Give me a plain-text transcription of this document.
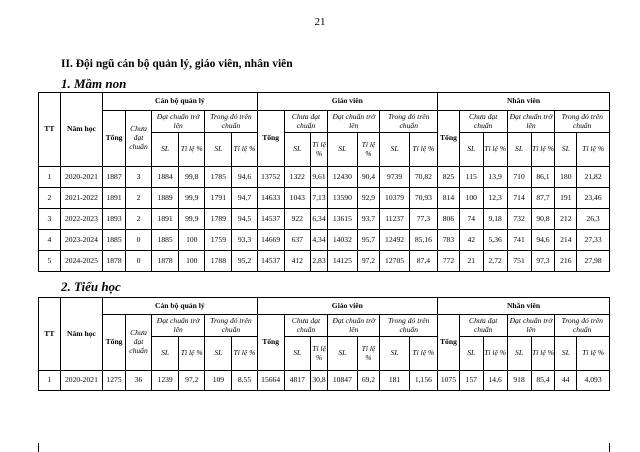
21
II. Đội ngũ cán bộ quản lý, giáo viên, nhân viên
1. Mầm non
TT	Năm học	Cán bộ quản lý						Giáo viên							Nhân viên						
		Tổng	Chưa đạt chuẩn	Đạt chuẩn trở lên		Trong đó trên chuẩn		Tổng	Chưa đạt chuẩn		Đạt chuẩn trở lên		Trong đó trên chuẩn		Tổng	Chưa đạt chuẩn		Đạt chuẩn trở lên		Trong đó trên chuẩn	
				SL	Tỉ lệ %	SL	Tỉ lệ %		SL	Tỉ lệ %	SL	Tỉ lệ %	SL	Tỉ lệ %		SL	Tỉ lệ %	SL	Tỉ lệ %	SL	Tỉ lệ %
1	2020-2021	1887	3	1884	99,8	1785	94,6	13752	1322	9,61	12430	90,4	9739	70,82	825	115	13,9	710	86,1	180	21,82
2	2021-2022	1891	2	1889	99,9	1791	94,7	14633	1043	7,13	13590	92,9	10379	70,93	814	100	12,3	714	87,7	191	23,46
3	2022-2023	1893	2	1891	99,9	1789	94,5	14537	922	6,34	13615	93,7	11237	77,3	806	74	9,18	732	90,8	212	26,3
4	2023-2024	1885	0	1885	100	1759	93,3	14669	637	4,34	14032	95,7	12492	85,16	783	42	5,36	741	94,6	214	27,33
5	2024-2025	1878	0	1878	100	1788	95,2	14537	412	2,83	14125	97,2	12705	87,4	772	21	2,72	751	97,3	216	27,98
2. Tiểu học
TT	Năm học	Cán bộ quản lý						Giáo viên							Nhân viên						
		Tổng	Chưa đạt chuẩn	Đạt chuẩn trở lên		Trong đó trên chuẩn		Tổng	Chưa đạt chuẩn		Đạt chuẩn trở lên		Trong đó trên chuẩn		Tổng	Chưa đạt chuẩn		Đạt chuẩn trở lên		Trong đó trên chuẩn	
				SL	Tỉ lệ %	SL	Tỉ lệ %		SL	Tỉ lệ %	SL	Tỉ lệ %	SL	Tỉ lệ %		SL	Tỉ lệ %	SL	Tỉ lệ %	SL	Tỉ lệ %
1	2020-2021	1275	36	1239	97,2	109	8,55	15664	4817	30,8	10847	69,2	181	1,156	1075	157	14,6	918	85,4	44	4,093
